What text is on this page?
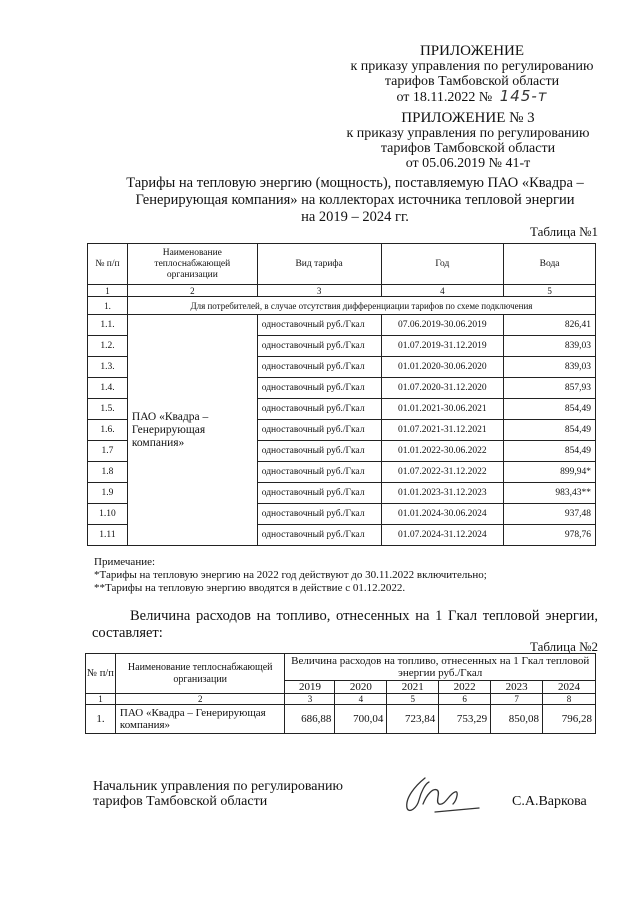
ПРИЛОЖЕНИЕ
к приказу управления по регулированию
тарифов Тамбовской области
от 18.11.2022 № 145-т
ПРИЛОЖЕНИЕ № 3
к приказу управления по регулированию
тарифов Тамбовской области
от 05.06.2019 № 41-т
Тарифы на тепловую энергию (мощность), поставляемую ПАО «Квадра –
Генерирующая компания» на коллекторах источника тепловой энергии
на 2019 – 2024 гг.
Таблица №1
№ п/п	Наименование теплоснабжающей организации	Вид тарифа	Год	Вода
1	2	3	4	5
1.	Для потребителей, в случае отсутствия дифференциации тарифов по схеме подключения			
1.1.	ПАО «Квадра – Генерирующая компания»	одноставочный руб./Гкал	07.06.2019-30.06.2019	826,41
1.2.		одноставочный руб./Гкал	01.07.2019-31.12.2019	839,03
1.3.		одноставочный руб./Гкал	01.01.2020-30.06.2020	839,03
1.4.		одноставочный руб./Гкал	01.07.2020-31.12.2020	857,93
1.5.		одноставочный руб./Гкал	01.01.2021-30.06.2021	854,49
1.6.		одноставочный руб./Гкал	01.07.2021-31.12.2021	854,49
1.7		одноставочный руб./Гкал	01.01.2022-30.06.2022	854,49
1.8		одноставочный руб./Гкал	01.07.2022-31.12.2022	899,94*
1.9		одноставочный руб./Гкал	01.01.2023-31.12.2023	983,43**
1.10		одноставочный руб./Гкал	01.01.2024-30.06.2024	937,48
1.11		одноставочный руб./Гкал	01.07.2024-31.12.2024	978,76
Примечание:
*Тарифы на тепловую энергию на 2022 год действуют до 30.11.2022 включительно;
**Тарифы на тепловую энергию вводятся в действие с 01.12.2022.
Величина расходов на топливо, отнесенных на 1 Гкал тепловой энергии,
составляет:
Таблица №2
№ п/п	Наименование теплоснабжающей организации	Величина расходов на топливо, отнесенных на 1 Гкал тепловой энергии руб./Гкал					
		2019	2020	2021	2022	2023	2024
1	2	3	4	5	6	7	8
1.	ПАО «Квадра – Генерирующая компания»	686,88	700,04	723,84	753,29	850,08	796,28
Начальник управления по регулированию
тарифов Тамбовской области	С.А.Варкова
